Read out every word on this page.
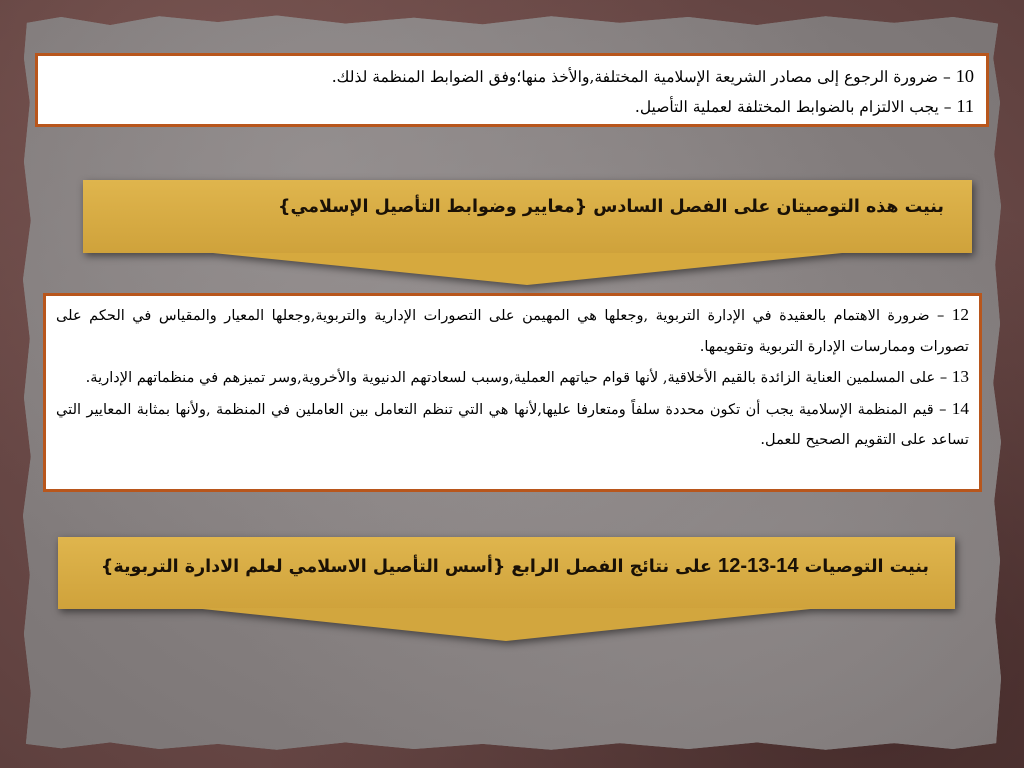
10 – ضرورة الرجوع إلى مصادر الشريعة الإسلامية المختلفة,والأخذ منها؛وفق الضوابط المنظمة لذلك.
11 – يجب الالتزام بالضوابط المختلفة لعملية التأصيل.
بنيت هذه التوصيتان على الفصل السادس {معايير وضوابط التأصيل الإسلامي}
12 – ضرورة الاهتمام بالعقيدة في الإدارة التربوية ,وجعلها هي المهيمن على التصورات الإدارية والتربوية,وجعلها المعيار والمقياس في الحكم على تصورات وممارسات الإدارة التربوية وتقويمها.
13 – على المسلمين العناية الزائدة بالقيم الأخلاقية, لأنها قوام حياتهم العملية,وسبب لسعادتهم الدنيوية والأخروية,وسر تميزهم في منظماتهم الإدارية.
14 – قيم المنظمة الإسلامية يجب أن تكون محددة سلفاً ومتعارفا عليها,لأنها هي التي تنظم التعامل بين العاملين في المنظمة ,ولأنها بمثابة المعايير التي تساعد على التقويم الصحيح للعمل.
بنيت التوصيات 12-13-14 على نتائج الفصل الرابع {أسس التأصيل الاسلامي لعلم الادارة التربوية}
